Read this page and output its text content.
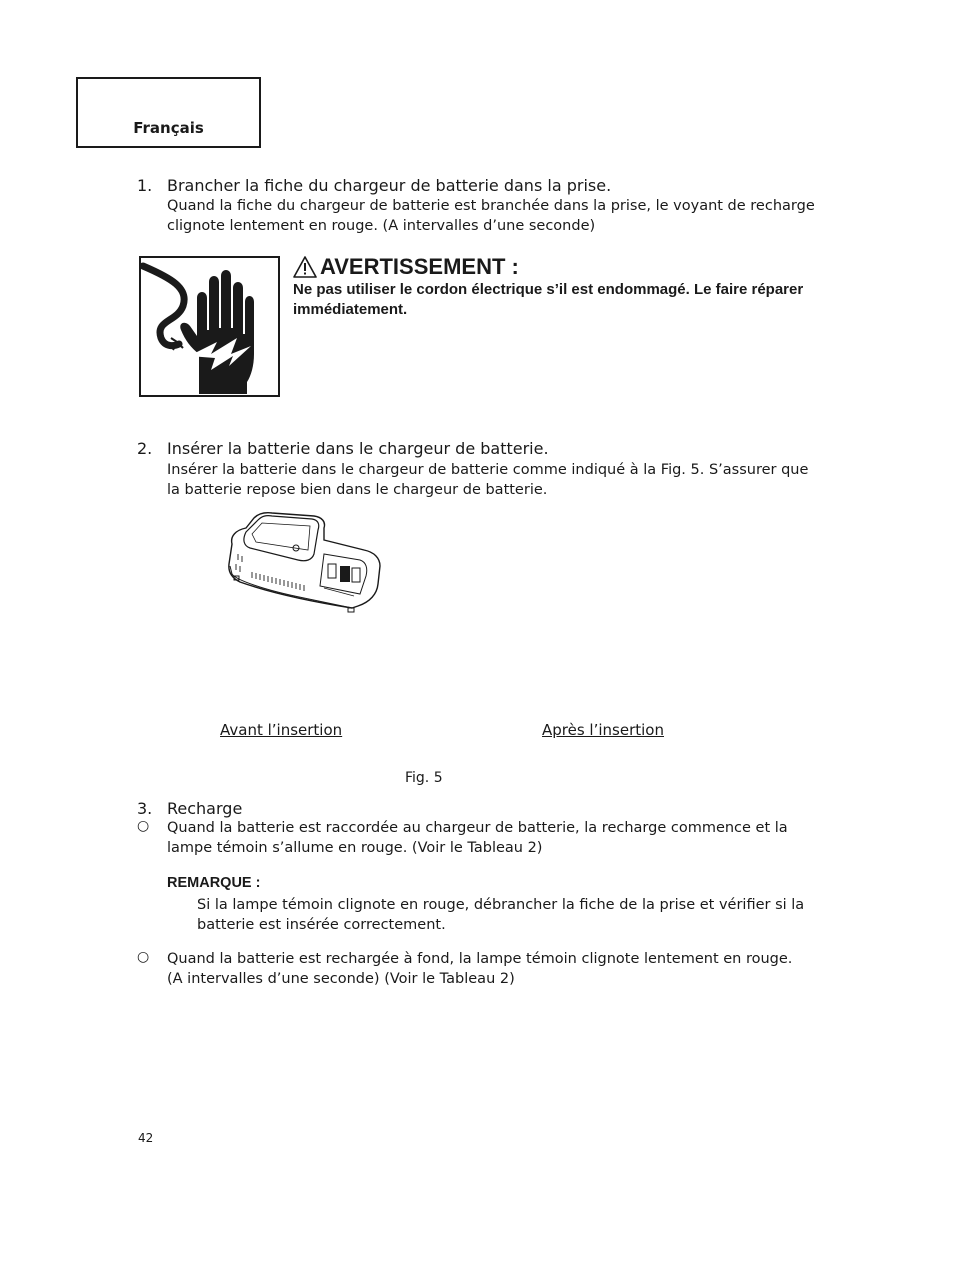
Français
1. Brancher la fiche du chargeur de batterie dans la prise.
Quand la fiche du chargeur de batterie est branchée dans la prise, le voyant de recharge
clignote lentement en rouge. (A intervalles d’une seconde)
AVERTISSEMENT :
Ne pas utiliser le cordon électrique s’il est endommagé. Le faire réparer
immédiatement.
2. Insérer la batterie dans le chargeur de batterie.
Insérer la batterie dans le chargeur de batterie comme indiqué à la Fig. 5. S’assurer que
la batterie repose bien dans le chargeur de batterie.
Avant l’insertion	Après l’insertion
Fig. 5
3. Recharge
○ Quand la batterie est raccordée au chargeur de batterie, la recharge commence et la
lampe témoin s’allume en rouge. (Voir le Tableau 2)
REMARQUE :
Si la lampe témoin clignote en rouge, débrancher la fiche de la prise et vérifier si la
batterie est insérée correctement.
○ Quand la batterie est rechargée à fond, la lampe témoin clignote lentement en rouge.
(A intervalles d’une seconde) (Voir le Tableau 2)
42
